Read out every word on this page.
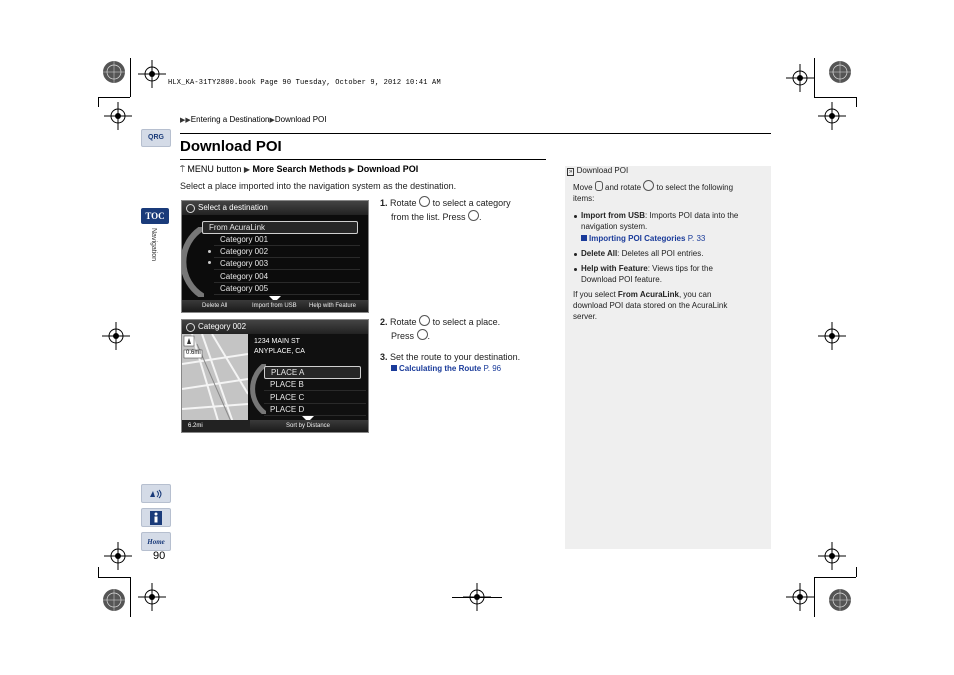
HLX_KA-31TY2800.book Page 90 Tuesday, October 9, 2012 10:41 AM
▶▶Entering a Destination▶Download POI
QRG
TOC
Navigation
Home
90
Download POI
⍑ MENU button ▶ More Search Methods ▶ Download POI
Select a place imported into the navigation system as the destination.
Select a destination
From AcuraLink
Category 001
Category 002
Category 003
Category 004
Category 005
Delete All	Import from USB Help with Feature
Category 002
0.6mi
6.2mi
1234 MAIN ST
ANYPLACE, CA
PLACE A
PLACE B
PLACE C
PLACE D
Sort by Distance
1. Rotate to select a category
from the list. Press .
2. Rotate to select a place.
Press .
3. Set the route to your destination.
Calculating the Route P. 96
» Download POI
Move and rotate to select the following
items:
Import from USB: Imports POI data into the
navigation system.
Importing POI Categories P. 33
Delete All: Deletes all POI entries.
Help with Feature: Views tips for the
Download POI feature.
If you select From AcuraLink, you can
download POI data stored on the AcuraLink
server.
